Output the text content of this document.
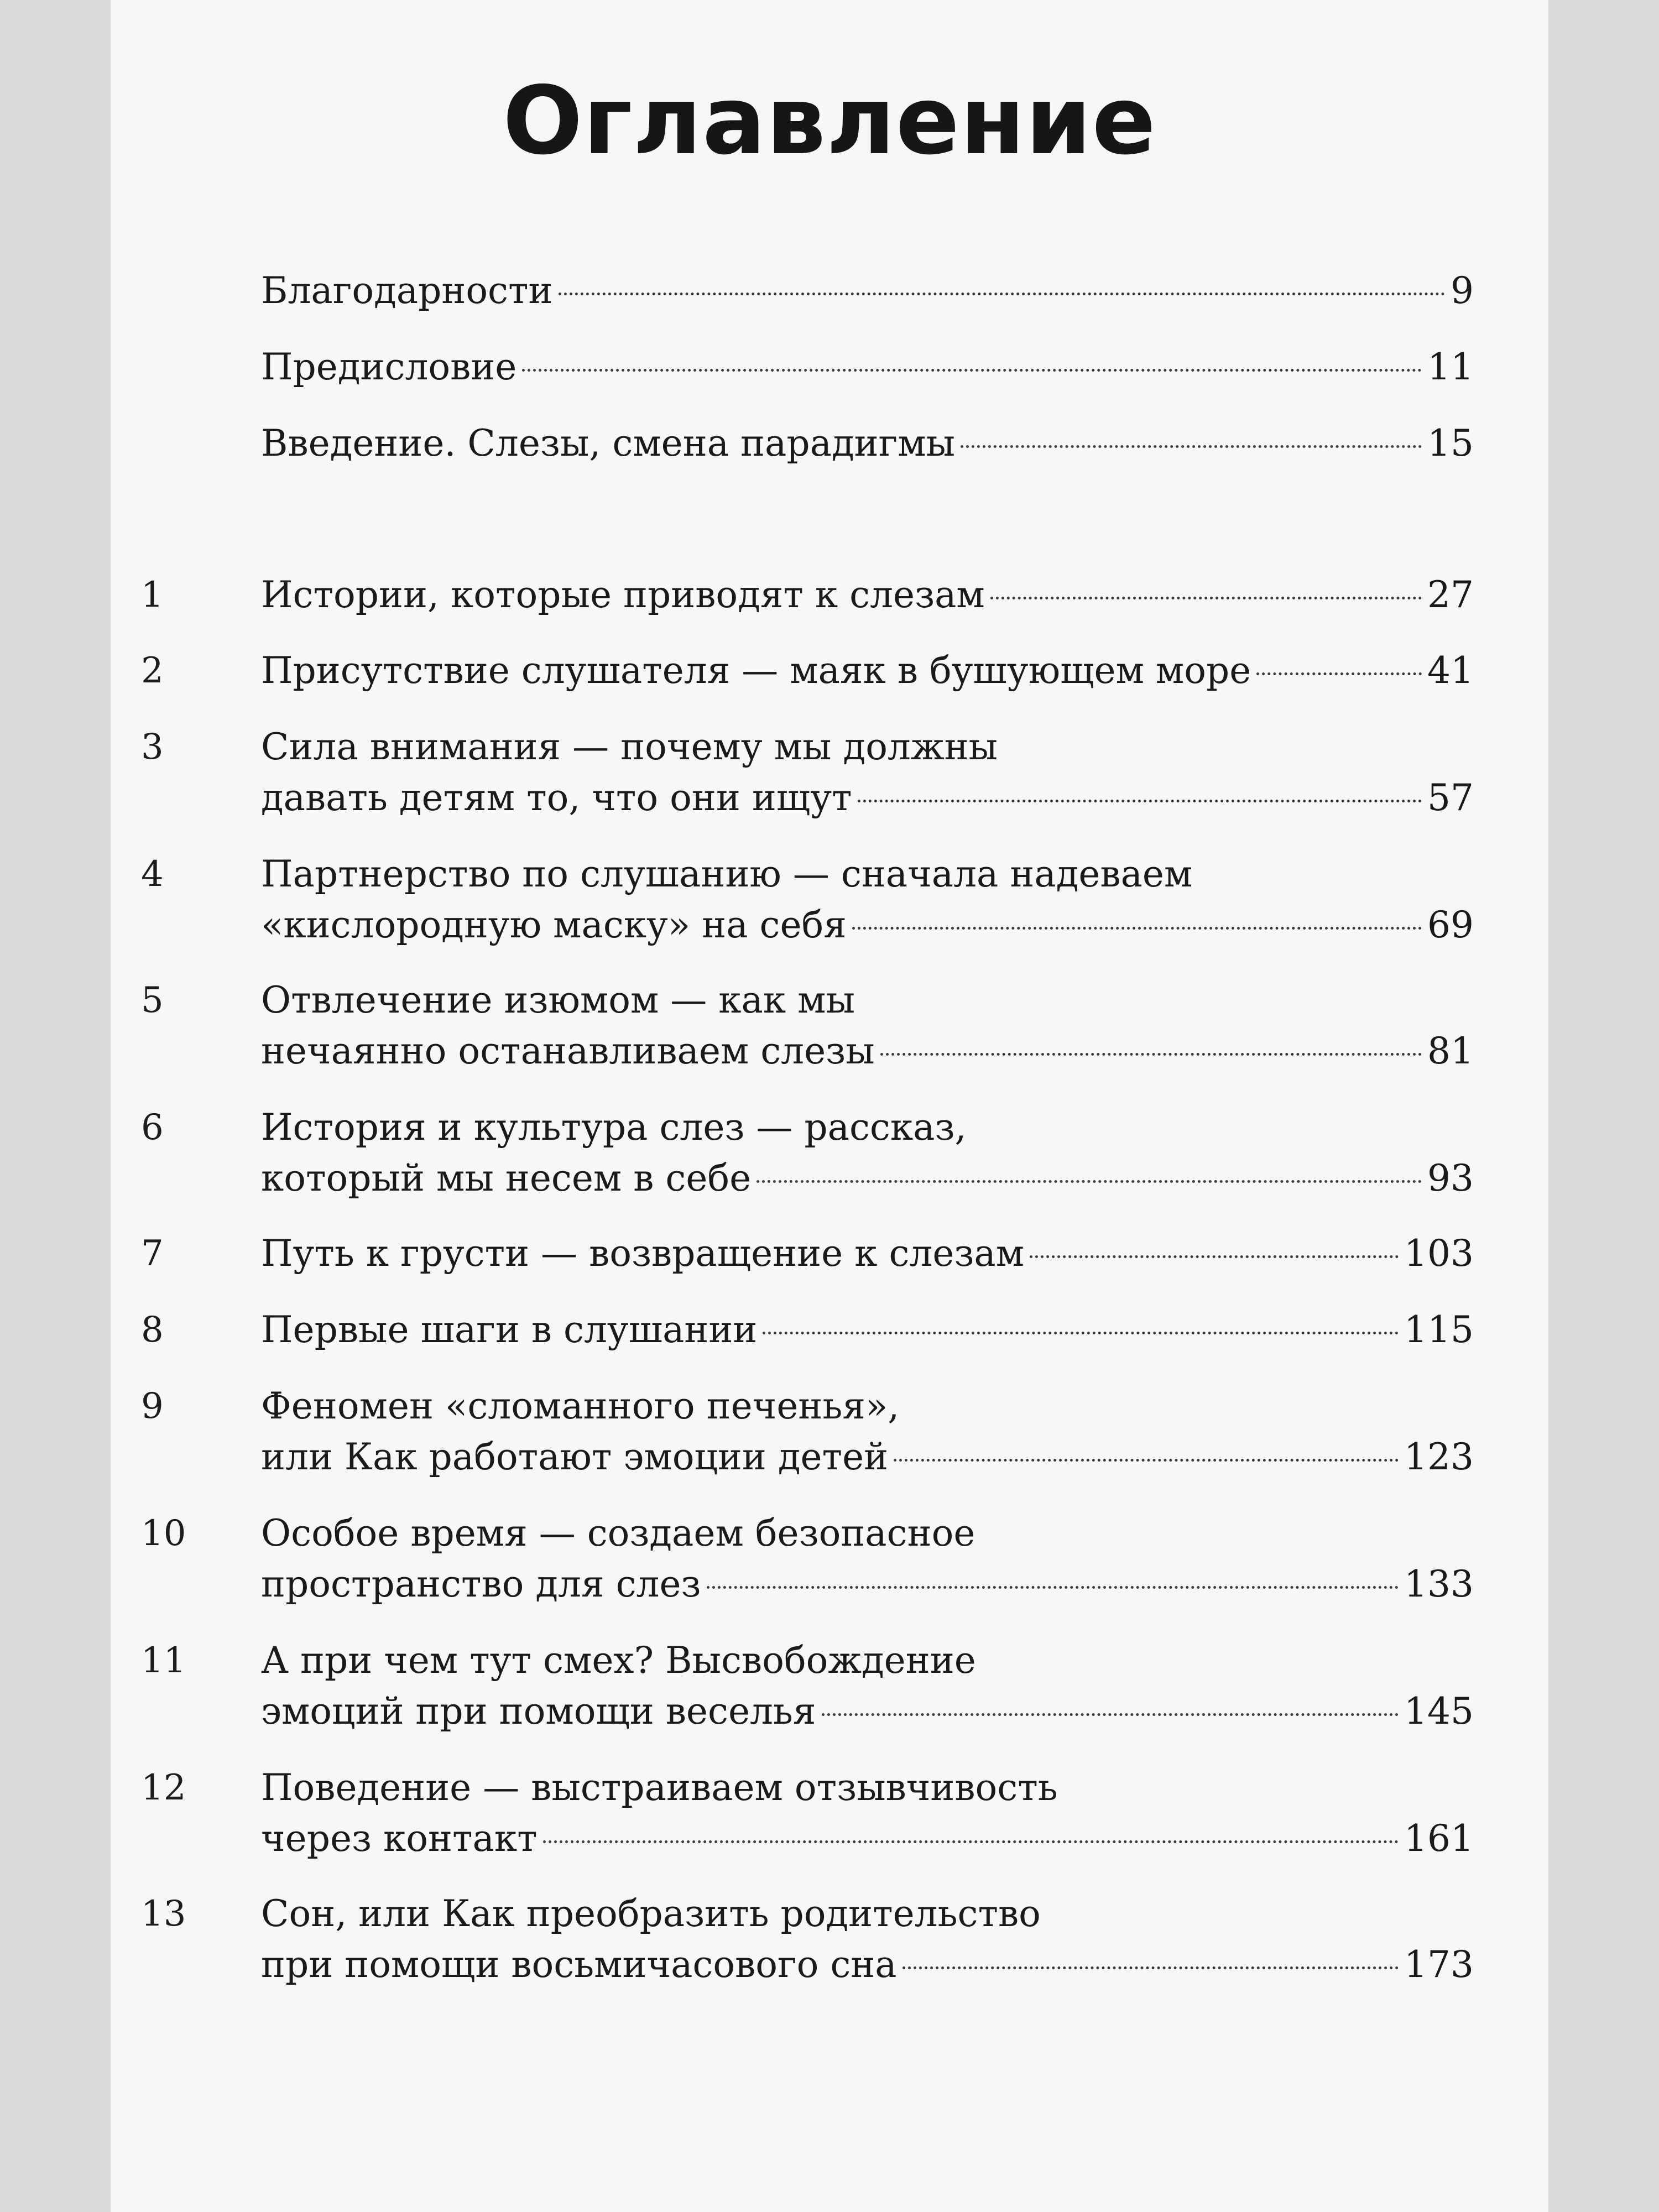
Оглавление
Благодарности	9
Предисловие	11
Введение. Слезы, смена парадигмы	15
1	Истории, которые приводят к слезам	27
2	Присутствие слушателя — маяк в бушующем море	41
3	Сила внимания — почему мы должны
давать детям то, что они ищут	57
4	Партнерство по слушанию — сначала надеваем
«кислородную маску» на себя	69
5	Отвлечение изюмом — как мы
нечаянно останавливаем слезы	81
6	История и культура слез — рассказ,
который мы несем в себе	93
7	Путь к грусти — возвращение к слезам	103
8	Первые шаги в слушании	115
9	Феномен «сломанного печенья»,
или Как работают эмоции детей	123
10 Особое время — создаем безопасное
пространство для слез	133
11 А при чем тут смех? Высвобождение
эмоций при помощи веселья	145
12 Поведение — выстраиваем отзывчивость
через контакт	161
13 Сон, или Как преобразить родительство
при помощи восьмичасового сна	173
